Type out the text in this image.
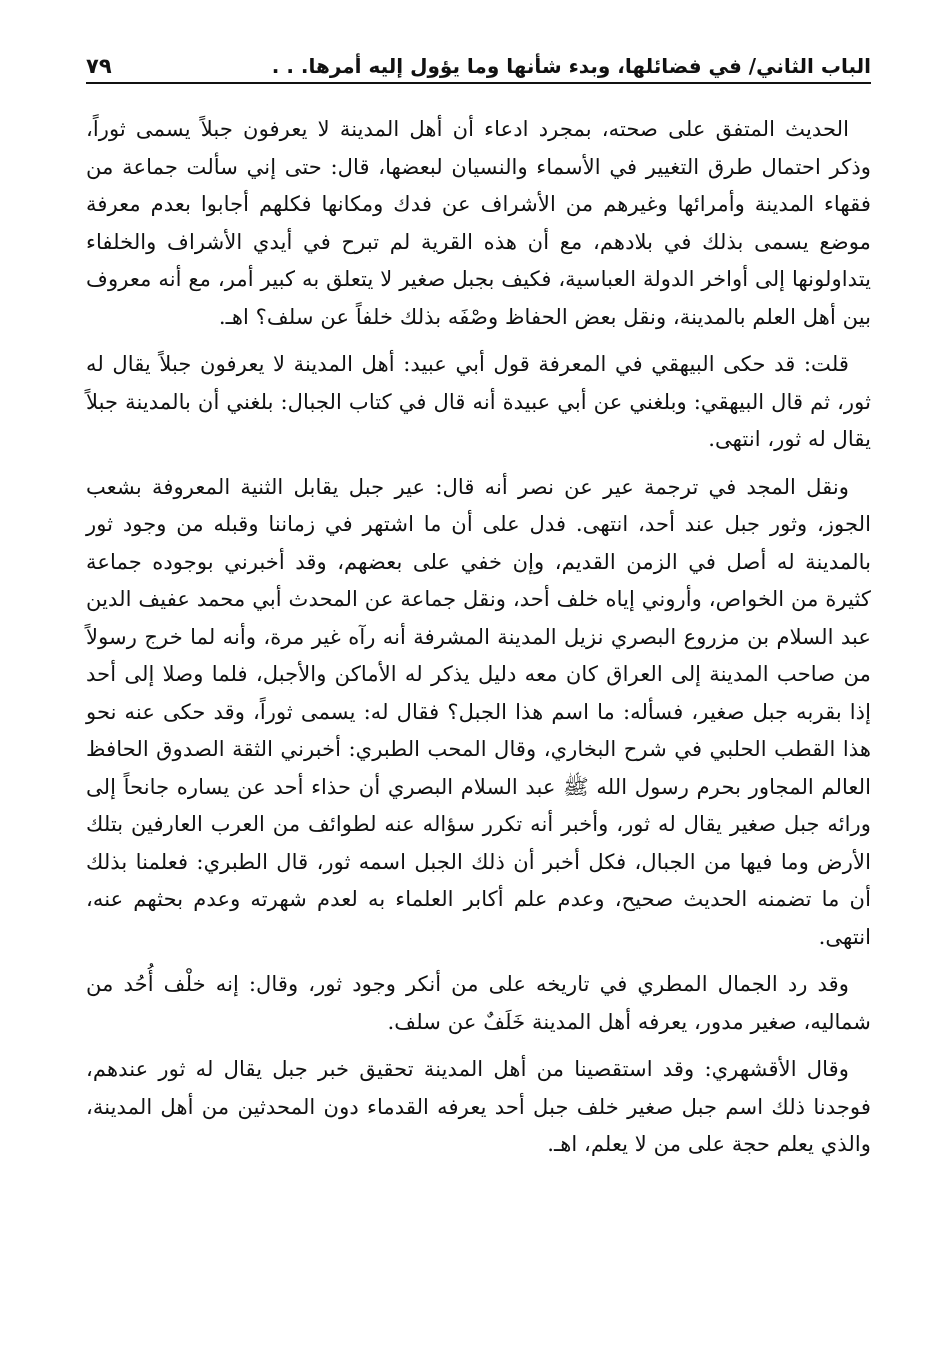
الباب الثاني/ في فضائلها، وبدء شأنها وما يؤول إليه أمرها. . .
٧٩

الحديث المتفق على صحته، بمجرد ادعاء أن أهل المدينة لا يعرفون جبلاً يسمى ثوراً، وذكر احتمال طرق التغيير في الأسماء والنسيان لبعضها، قال: حتى إني سألت جماعة من فقهاء المدينة وأمرائها وغيرهم من الأشراف عن فدك ومكانها فكلهم أجابوا بعدم معرفة موضع يسمى بذلك في بلادهم، مع أن هذه القرية لم تبرح في أيدي الأشراف والخلفاء يتداولونها إلى أواخر الدولة العباسية، فكيف بجبل صغير لا يتعلق به كبير أمر، مع أنه معروف بين أهل العلم بالمدينة، ونقل بعض الحفاظ وصْفَه بذلك خلفاً عن سلف؟ اهـ.

قلت: قد حكى البيهقي في المعرفة قول أبي عبيد: أهل المدينة لا يعرفون جبلاً يقال له ثور، ثم قال البيهقي: وبلغني عن أبي عبيدة أنه قال في كتاب الجبال: بلغني أن بالمدينة جبلاً يقال له ثور، انتهى.

ونقل المجد في ترجمة عير عن نصر أنه قال: عير جبل يقابل الثنية المعروفة بشعب الجوز، وثور جبل عند أحد، انتهى. فدل على أن ما اشتهر في زماننا وقبله من وجود ثور بالمدينة له أصل في الزمن القديم، وإن خفي على بعضهم، وقد أخبرني بوجوده جماعة كثيرة من الخواص، وأروني إياه خلف أحد، ونقل جماعة عن المحدث أبي محمد عفيف الدين عبد السلام بن مزروع البصري نزيل المدينة المشرفة أنه رآه غير مرة، وأنه لما خرج رسولاً من صاحب المدينة إلى العراق كان معه دليل يذكر له الأماكن والأجبل، فلما وصلا إلى أحد إذا بقربه جبل صغير، فسأله: ما اسم هذا الجبل؟ فقال له: يسمى ثوراً، وقد حكى عنه نحو هذا القطب الحلبي في شرح البخاري، وقال المحب الطبري: أخبرني الثقة الصدوق الحافظ العالم المجاور بحرم رسول الله ﷺ عبد السلام البصري أن حذاء أحد عن يساره جانحاً إلى ورائه جبل صغير يقال له ثور، وأخبر أنه تكرر سؤاله عنه لطوائف من العرب العارفين بتلك الأرض وما فيها من الجبال، فكل أخبر أن ذلك الجبل اسمه ثور، قال الطبري: فعلمنا بذلك أن ما تضمنه الحديث صحيح، وعدم علم أكابر العلماء به لعدم شهرته وعدم بحثهم عنه، انتهى.

وقد رد الجمال المطري في تاريخه على من أنكر وجود ثور، وقال: إنه خلْف أُحُد من شماليه، صغير مدور، يعرفه أهل المدينة خَلَفٌ عن سلف.

وقال الأقشهري: وقد استقصينا من أهل المدينة تحقيق خبر جبل يقال له ثور عندهم، فوجدنا ذلك اسم جبل صغير خلف جبل أحد يعرفه القدماء دون المحدثين من أهل المدينة، والذي يعلم حجة على من لا يعلم، اهـ.
